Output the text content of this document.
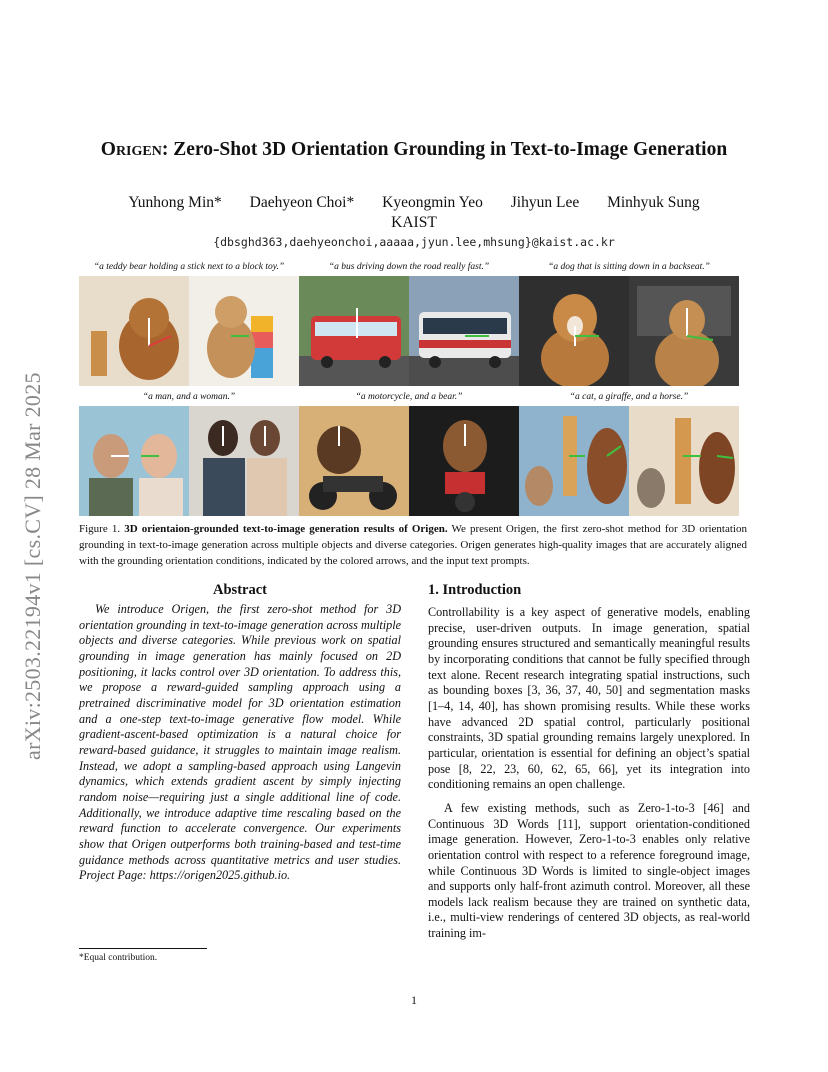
arXiv:2503.22194v1 [cs.CV] 28 Mar 2025
Origen: Zero-Shot 3D Orientation Grounding in Text-to-Image Generation
Yunhong Min* Daehyeon Choi* Kyeongmin Yeo Jihyun Lee Minhyuk Sung
KAIST
{dbsghd363,daehyeonchoi,aaaaa,jyun.lee,mhsung}@kaist.ac.kr
“a teddy bear holding a stick next to a block toy.”	“a bus driving down the road really fast.”	“a dog that is sitting down in a backseat.”
“a man, and a woman.”	“a motorcycle, and a bear.”	“a cat, a giraffe, and a horse.”
Figure 1. 3D orientaion-grounded text-to-image generation results of Origen. We present Origen, the first zero-shot method for 3D orientation grounding in text-to-image generation across multiple objects and diverse categories. Origen generates high-quality images that are accurately aligned with the grounding orientation conditions, indicated by the colored arrows, and the input text prompts.
Abstract
We introduce Origen, the first zero-shot method for 3D orientation grounding in text-to-image generation across multiple objects and diverse categories. While previous work on spatial grounding in image generation has mainly focused on 2D positioning, it lacks control over 3D orientation. To address this, we propose a reward-guided sampling approach using a pretrained discriminative model for 3D orientation estimation and a one-step text-to-image generative flow model. While gradient-ascent-based optimization is a natural choice for reward-based guidance, it struggles to maintain image realism. Instead, we adopt a sampling-based approach using Langevin dynamics, which extends gradient ascent by simply injecting random noise—requiring just a single additional line of code. Additionally, we introduce adaptive time rescaling based on the reward function to accelerate convergence. Our experiments show that Origen outperforms both training-based and test-time guidance methods across quantitative metrics and user studies. Project Page: https://origen2025.github.io.
1. Introduction

Controllability is a key aspect of generative models, enabling precise, user-driven outputs. In image generation, spatial grounding ensures structured and semantically meaningful results by incorporating conditions that cannot be fully specified through text alone. Recent research integrating spatial instructions, such as bounding boxes [3, 36, 37, 40, 50] and segmentation masks [1–4, 14, 40], has shown promising results. While these works have advanced 2D spatial control, particularly positional constraints, 3D spatial grounding remains largely unexplored. In particular, orientation is essential for defining an object’s spatial pose [8, 22, 23, 60, 62, 65, 66], yet its integration into conditioning remains an open challenge.

A few existing methods, such as Zero-1-to-3 [46] and Continuous 3D Words [11], support orientation-conditioned image generation. However, Zero-1-to-3 enables only relative orientation control with respect to a reference foreground image, while Continuous 3D Words is limited to single-object images and supports only half-front azimuth control. Moreover, all these models lack realism because they are trained on synthetic data, i.e., multi-view renderings of centered 3D objects, as real-world training im-

*Equal contribution.
1
